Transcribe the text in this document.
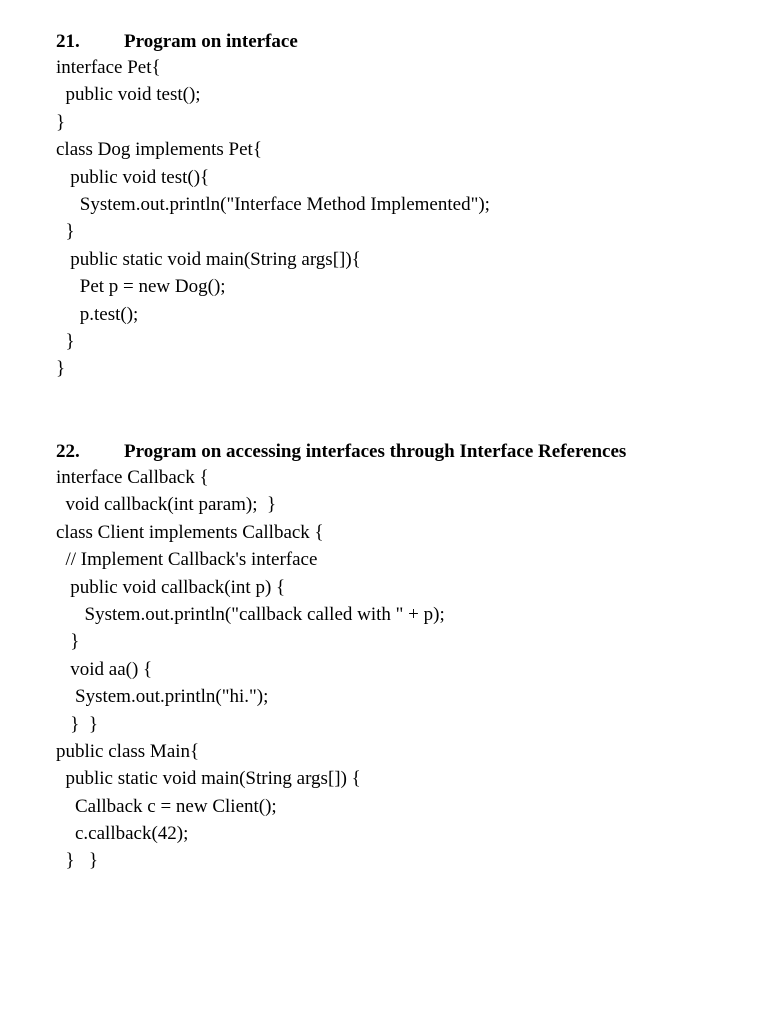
21. Program on interface
interface Pet{
public void test();
}
class Dog implements Pet{
public void test(){
System.out.println("Interface Method Implemented");
}
public static void main(String args[]){
Pet p = new Dog();
p.test();
}
}
22. Program on accessing interfaces through Interface References
interface Callback {
void callback(int param);  }
class Client implements Callback {
// Implement Callback's interface
public void callback(int p) {
System.out.println("callback called with " + p);
}
void aa() {
System.out.println("hi.");
}  }
public class Main{
public static void main(String args[]) {
Callback c = new Client();
c.callback(42);
}   }
